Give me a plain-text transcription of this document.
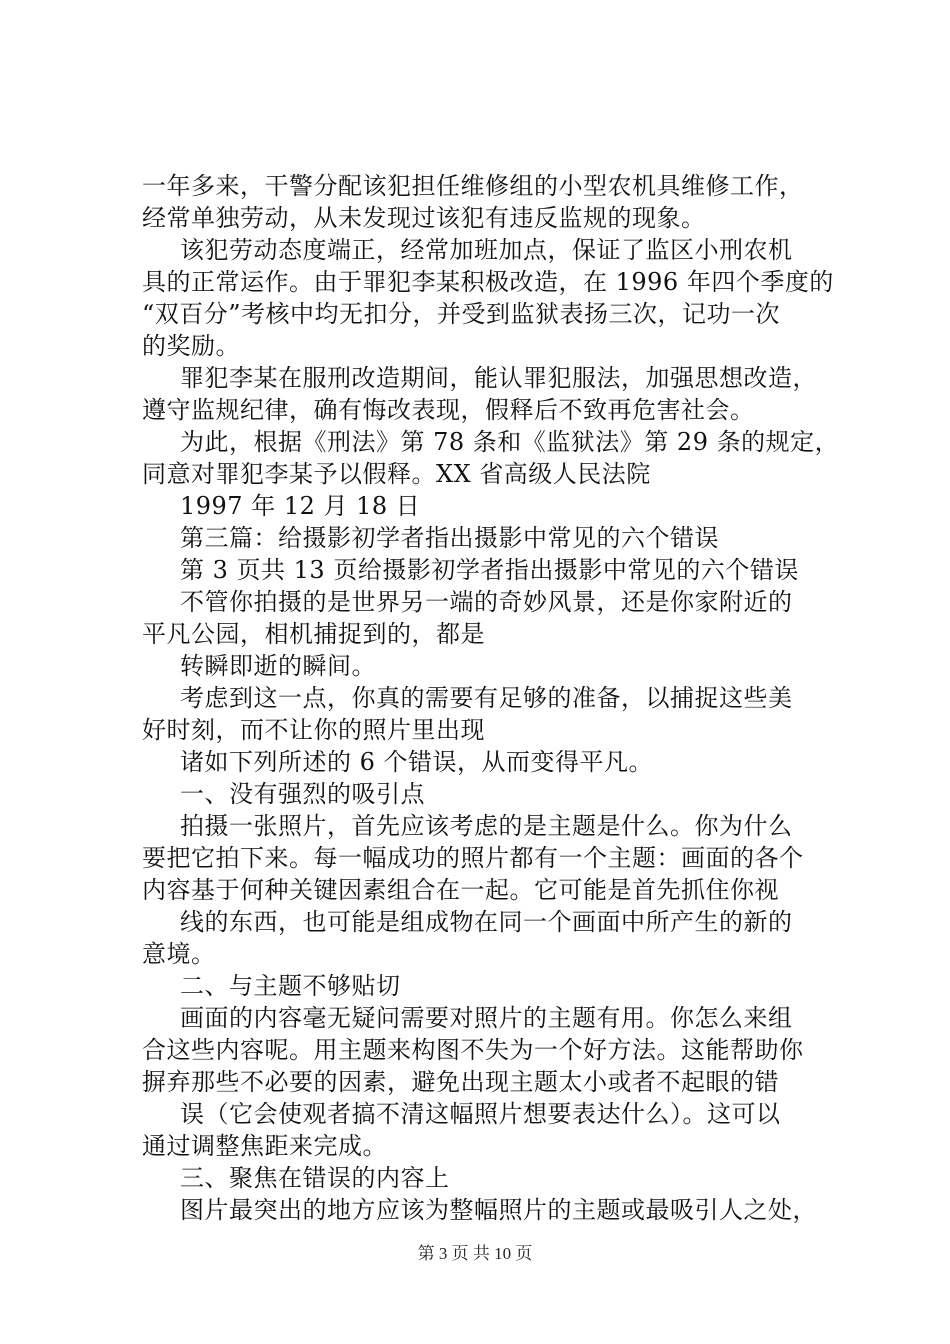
一年多来，干警分配该犯担任维修组的小型农机具维修工作，
经常单独劳动，从未发现过该犯有违反监规的现象。
该犯劳动态度端正，经常加班加点，保证了监区小刑农机
具的正常运作。由于罪犯李某积极改造，在 1996 年四个季度的
“双百分”考核中均无扣分，并受到监狱表扬三次，记功一次
的奖励。
罪犯李某在服刑改造期间，能认罪犯服法，加强思想改造，
遵守监规纪律，确有悔改表现，假释后不致再危害社会。
为此，根据《刑法》第 78 条和《监狱法》第 29 条的规定，
同意对罪犯李某予以假释。XX 省高级人民法院
1997 年 12 月 18 日
第三篇：给摄影初学者指出摄影中常见的六个错误
第 3 页共 13 页给摄影初学者指出摄影中常见的六个错误
不管你拍摄的是世界另一端的奇妙风景，还是你家附近的
平凡公园，相机捕捉到的，都是
转瞬即逝的瞬间。
考虑到这一点，你真的需要有足够的准备，以捕捉这些美
好时刻，而不让你的照片里出现
诸如下列所述的 6 个错误，从而变得平凡。
一、没有强烈的吸引点
拍摄一张照片，首先应该考虑的是主题是什么。你为什么
要把它拍下来。每一幅成功的照片都有一个主题：画面的各个
内容基于何种关键因素组合在一起。它可能是首先抓住你视
线的东西，也可能是组成物在同一个画面中所产生的新的
意境。
二、与主题不够贴切
画面的内容毫无疑问需要对照片的主题有用。你怎么来组
合这些内容呢。用主题来构图不失为一个好方法。这能帮助你
摒弃那些不必要的因素，避免出现主题太小或者不起眼的错
误（它会使观者搞不清这幅照片想要表达什么）。这可以
通过调整焦距来完成。
三、聚焦在错误的内容上
图片最突出的地方应该为整幅照片的主题或最吸引人之处，
第 3 页 共 10 页
